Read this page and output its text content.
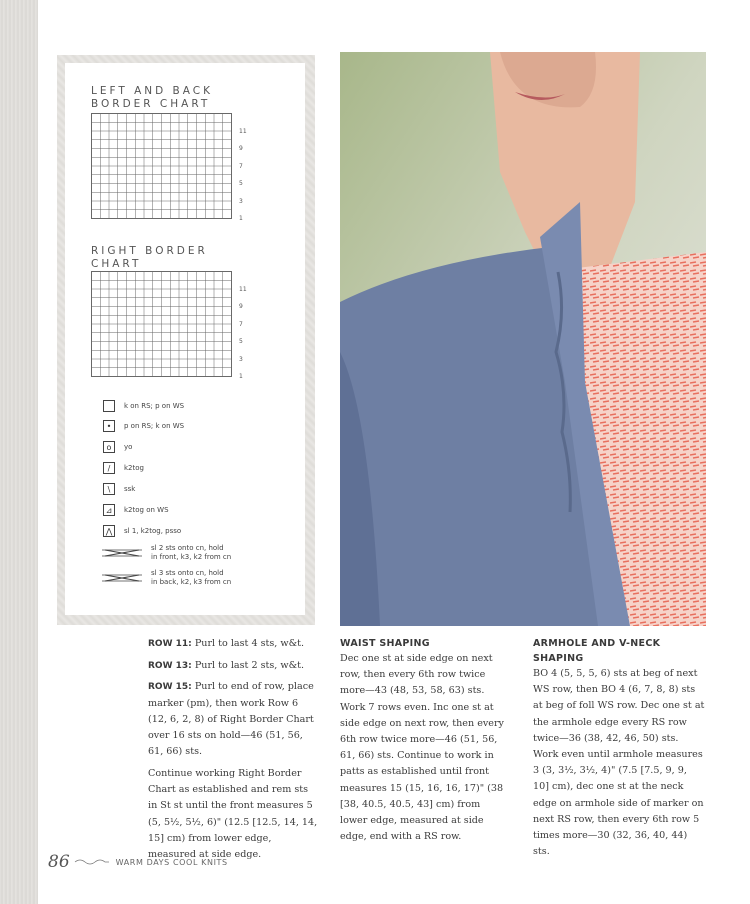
LEFT AND BACK
BORDER CHART
11
9
7
5
3
1
RIGHT BORDER
CHART
11
9
7
5
3
1
k on RS; p on WS
•	p on RS; k on WS
o	yo
/	k2tog
\	ssk
⊿	k2tog on WS
⋀	sl 1, k2tog, psso
sl 2 sts onto cn, hold
in front, k3, k2 from cn
sl 3 sts onto cn, hold
in back, k2, k3 from cn

ROW 11: Purl to last 4 sts, w&t.

ROW 13: Purl to last 2 sts, w&t.

ROW 15: Purl to end of row, place marker (pm), then work Row 6 (12, 6, 2, 8) of Right Border Chart over 16 sts on hold—46 (51, 56, 61, 66) sts.

Continue working Right Border Chart as established and rem sts in St st until the front measures 5 (5, 5½, 5½, 6)" (12.5 [12.5, 14, 14, 15] cm) from lower edge, measured at side edge.

WAIST SHAPING

Dec one st at side edge on next row, then every 6th row twice more—43 (48, 53, 58, 63) sts. Work 7 rows even. Inc one st at side edge on next row, then every 6th row twice more—46 (51, 56, 61, 66) sts. Continue to work in patts as established until front measures 15 (15, 16, 16, 17)" (38 [38, 40.5, 40.5, 43] cm) from lower edge, measured at side edge, end with a RS row.

ARMHOLE AND V-NECK SHAPING

BO 4 (5, 5, 5, 6) sts at beg of next WS row, then BO 4 (6, 7, 8, 8) sts at beg of foll WS row. Dec one st at the armhole edge every RS row twice—36 (38, 42, 46, 50) sts. Work even until armhole measures 3 (3, 3½, 3½, 4)" (7.5 [7.5, 9, 9, 10] cm), dec one st at the neck edge on armhole side of marker on next RS row, then every 6th row 5 times more—30 (32, 36, 40, 44) sts.

86	WARM DAYS COOL KNITS
